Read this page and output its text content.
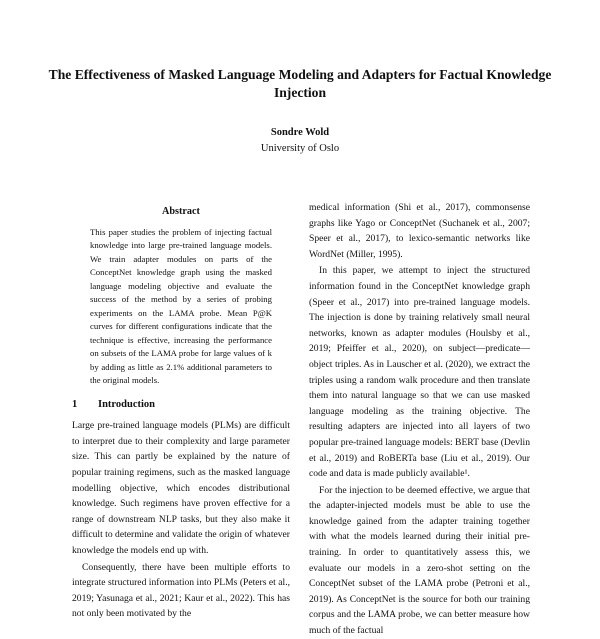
The Effectiveness of Masked Language Modeling and Adapters for Factual Knowledge Injection
Sondre Wold
University of Oslo
Abstract

This paper studies the problem of injecting factual knowledge into large pre-trained language models. We train adapter modules on parts of the ConceptNet knowledge graph using the masked language modeling objective and evaluate the success of the method by a series of probing experiments on the LAMA probe. Mean P@K curves for different configurations indicate that the technique is effective, increasing the performance on subsets of the LAMA probe for large values of k by adding as little as 2.1% additional parameters to the original models.

1 Introduction

Large pre-trained language models (PLMs) are difficult to interpret due to their complexity and large parameter size. This can partly be explained by the nature of popular training regimens, such as the masked language modelling objective, which encodes distributional knowledge. Such regimens have proven effective for a range of downstream NLP tasks, but they also make it difficult to determine and validate the origin of whatever knowledge the models end up with.

Consequently, there have been multiple efforts to integrate structured information into PLMs (Peters et al., 2019; Yasunaga et al., 2021; Kaur et al., 2022). This has not only been motivated by the

medical information (Shi et al., 2017), commonsense graphs like Yago or ConceptNet (Suchanek et al., 2007; Speer et al., 2017), to lexico-semantic networks like WordNet (Miller, 1995).

In this paper, we attempt to inject the structured information found in the ConceptNet knowledge graph (Speer et al., 2017) into pre-trained language models. The injection is done by training relatively small neural networks, known as adapter modules (Houlsby et al., 2019; Pfeiffer et al., 2020), on subject—predicate—object triples. As in Lauscher et al. (2020), we extract the triples using a random walk procedure and then translate them into natural language so that we can use masked language modeling as the training objective. The resulting adapters are injected into all layers of two popular pre-trained language models: BERT base (Devlin et al., 2019) and RoBERTa base (Liu et al., 2019). Our code and data is made publicly available¹.

For the injection to be deemed effective, we argue that the adapter-injected models must be able to use the knowledge gained from the adapter training together with what the models learned during their initial pre-training. In order to quantitatively assess this, we evaluate our models in a zero-shot setting on the ConceptNet subset of the LAMA probe (Petroni et al., 2019). As ConceptNet is the source for both our training corpus and the LAMA probe, we can better measure how much of the factual
